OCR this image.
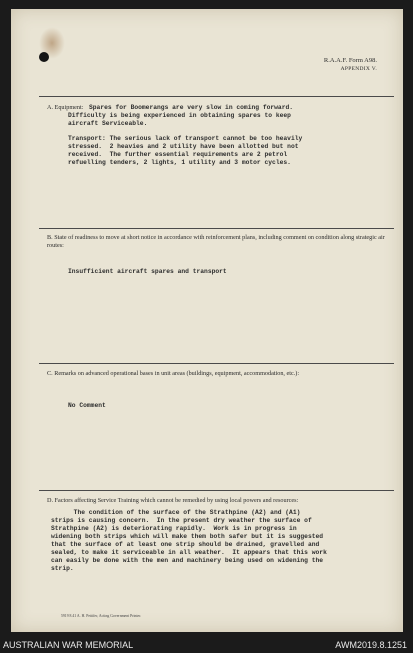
R.A.A.F. Form A98.
APPENDIX V.
A. Equipment: Spares for Boomerangs are very slow in coming forward.
Difficulty is being experienced in obtaining spares to keep
aircraft Serviceable.
Transport: The serious lack of transport cannot be too heavily
stressed.  2 heavies and 2 utility have been allotted but not
received.  The further essential requirements are 2 petrol
refuelling tenders, 2 lights, 1 utility and 3 motor cycles.
B. State of readiness to move at short notice in accordance with reinforcement plans, including comment on condition along strategic air routes:
Insufficient aircraft spares and transport
C. Remarks on advanced operational bases in unit areas (buildings, equipment, accommodation, etc.):
No Comment
D. Factors affecting Service Training which cannot be remedied by using local powers and resources:
The condition of the surface of the Strathpine (A2) and (A1)
strips is causing concern.  In the present dry weather the surface of
Strathpine (A2) is deteriorating rapidly.  Work is in progress in
widening both strips which will make them both safer but it is suggested
that the surface of at least one strip should be drained, gravelled and
sealed, to make it serviceable in all weather.  It appears that this work
can easily be done with the men and machinery being used on widening the
strip.
5919 8.41 A. H. Pettifer, Acting Government Printer.
AUSTRALIAN WAR MEMORIAL	AWM2019.8.1251
